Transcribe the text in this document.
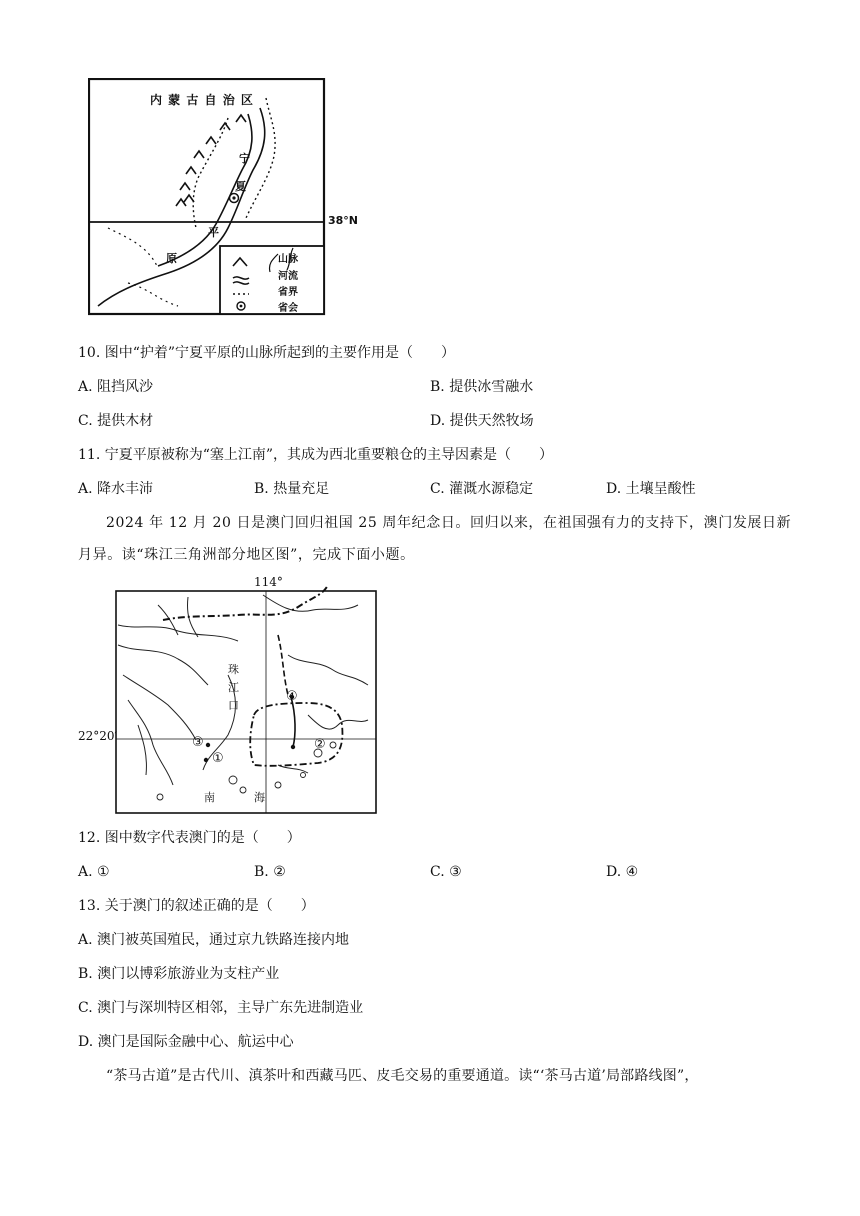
内 蒙 古 自 治 区
宁
夏
平
原
38°N
山脉
河流
省界
省会
10. 图中“护着”宁夏平原的山脉所起到的主要作用是（　　）
A. 阻挡风沙	B. 提供冰雪融水
C. 提供木材	D. 提供天然牧场
11. 宁夏平原被称为“塞上江南”，其成为西北重要粮仓的主导因素是（　　）
A. 降水丰沛	B. 热量充足	C. 灌溉水源稳定	D. 土壤呈酸性
2024 年 12 月 20 日是澳门回归祖国 25 周年纪念日。回归以来，在祖国强有力的支持下，澳门发展日新
月异。读“珠江三角洲部分地区图”，完成下面小题。
114°
22°20′
珠
江
口
南	海
①
②
③
④
12. 图中数字代表澳门的是（　　）
A. ①	B. ②	C. ③	D. ④
13. 关于澳门的叙述正确的是（　　）
A. 澳门被英国殖民，通过京九铁路连接内地
B. 澳门以博彩旅游业为支柱产业
C. 澳门与深圳特区相邻，主导广东先进制造业
D. 澳门是国际金融中心、航运中心
“茶马古道”是古代川、滇茶叶和西藏马匹、皮毛交易的重要通道。读“‘茶马古道’局部路线图”，
